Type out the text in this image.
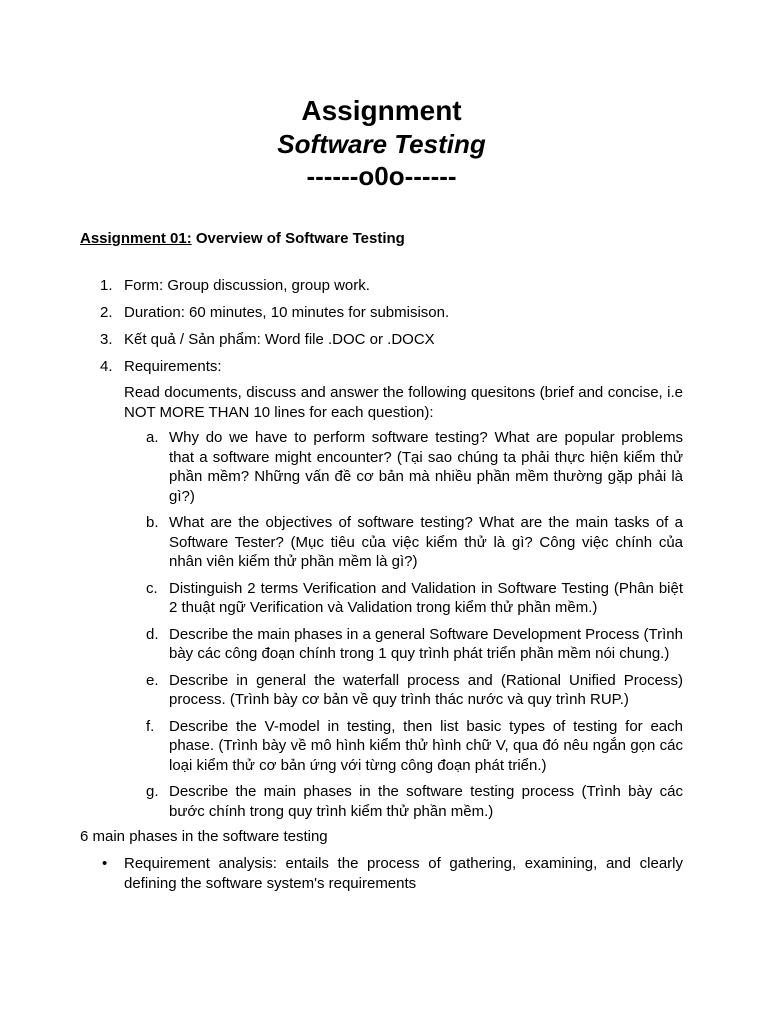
Assignment
Software Testing
------o0o------
Assignment 01: Overview of Software Testing
1. Form: Group discussion, group work.
2. Duration: 60 minutes, 10 minutes for submisison.
3. Kết quả / Sản phẩm: Word file .DOC or .DOCX
4. Requirements:
Read documents, discuss and answer the following quesitons (brief and concise, i.e NOT MORE THAN 10 lines for each question):
a. Why do we have to perform software testing? What are popular problems that a software might encounter? (Tại sao chúng ta phải thực hiện kiểm thử phần mềm? Những vấn đề cơ bản mà nhiều phần mềm thường gặp phải là gì?)
b. What are the objectives of software testing? What are the main tasks of a Software Tester? (Mục tiêu của việc kiểm thử là gì? Công việc chính của nhân viên kiểm thử phần mềm là gì?)
c. Distinguish 2 terms Verification and Validation in Software Testing (Phân biệt 2 thuật ngữ Verification và Validation trong kiểm thử phần mềm.)
d. Describe the main phases in a general Software Development Process (Trình bày các công đoạn chính trong 1 quy trình phát triển phần mềm nói chung.)
e. Describe in general the waterfall process and (Rational Unified Process) process. (Trình bày cơ bản về quy trình thác nước và quy trình RUP.)
f. Describe the V-model in testing, then list basic types of testing for each phase. (Trình bày về mô hình kiểm thử hình chữ V, qua đó nêu ngắn gọn các loại kiểm thử cơ bản ứng với từng công đoạn phát triển.)
g. Describe the main phases in the software testing process (Trình bày các bước chính trong quy trình kiểm thử phần mềm.)
6 main phases in the software testing
• Requirement analysis: entails the process of gathering, examining, and clearly defining the software system's requirements
